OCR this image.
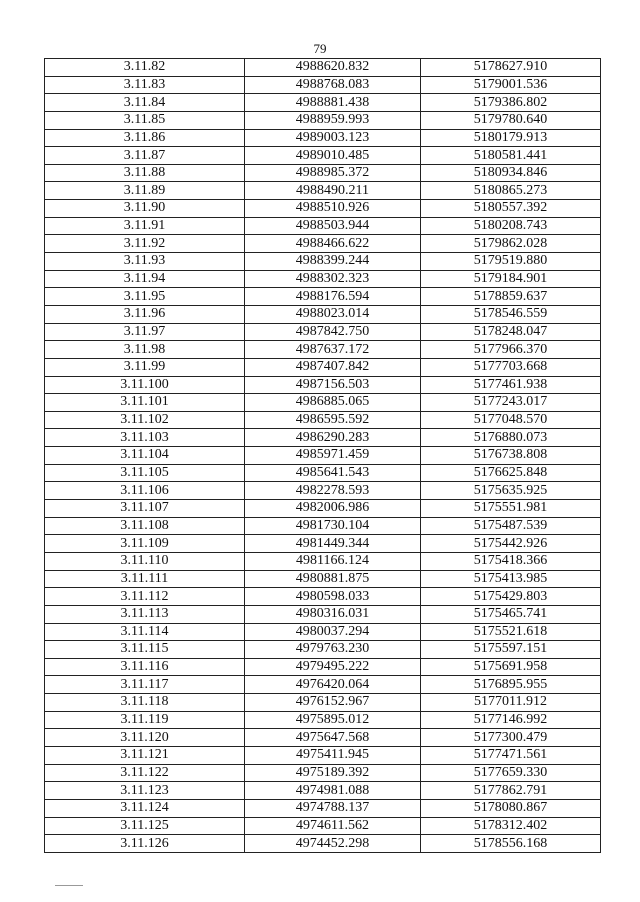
79
3.11.82	4988620.832	5178627.910
3.11.83	4988768.083	5179001.536
3.11.84	4988881.438	5179386.802
3.11.85	4988959.993	5179780.640
3.11.86	4989003.123	5180179.913
3.11.87	4989010.485	5180581.441
3.11.88	4988985.372	5180934.846
3.11.89	4988490.211	5180865.273
3.11.90	4988510.926	5180557.392
3.11.91	4988503.944	5180208.743
3.11.92	4988466.622	5179862.028
3.11.93	4988399.244	5179519.880
3.11.94	4988302.323	5179184.901
3.11.95	4988176.594	5178859.637
3.11.96	4988023.014	5178546.559
3.11.97	4987842.750	5178248.047
3.11.98	4987637.172	5177966.370
3.11.99	4987407.842	5177703.668
3.11.100	4987156.503	5177461.938
3.11.101	4986885.065	5177243.017
3.11.102	4986595.592	5177048.570
3.11.103	4986290.283	5176880.073
3.11.104	4985971.459	5176738.808
3.11.105	4985641.543	5176625.848
3.11.106	4982278.593	5175635.925
3.11.107	4982006.986	5175551.981
3.11.108	4981730.104	5175487.539
3.11.109	4981449.344	5175442.926
3.11.110	4981166.124	5175418.366
3.11.111	4980881.875	5175413.985
3.11.112	4980598.033	5175429.803
3.11.113	4980316.031	5175465.741
3.11.114	4980037.294	5175521.618
3.11.115	4979763.230	5175597.151
3.11.116	4979495.222	5175691.958
3.11.117	4976420.064	5176895.955
3.11.118	4976152.967	5177011.912
3.11.119	4975895.012	5177146.992
3.11.120	4975647.568	5177300.479
3.11.121	4975411.945	5177471.561
3.11.122	4975189.392	5177659.330
3.11.123	4974981.088	5177862.791
3.11.124	4974788.137	5178080.867
3.11.125	4974611.562	5178312.402
3.11.126	4974452.298	5178556.168
